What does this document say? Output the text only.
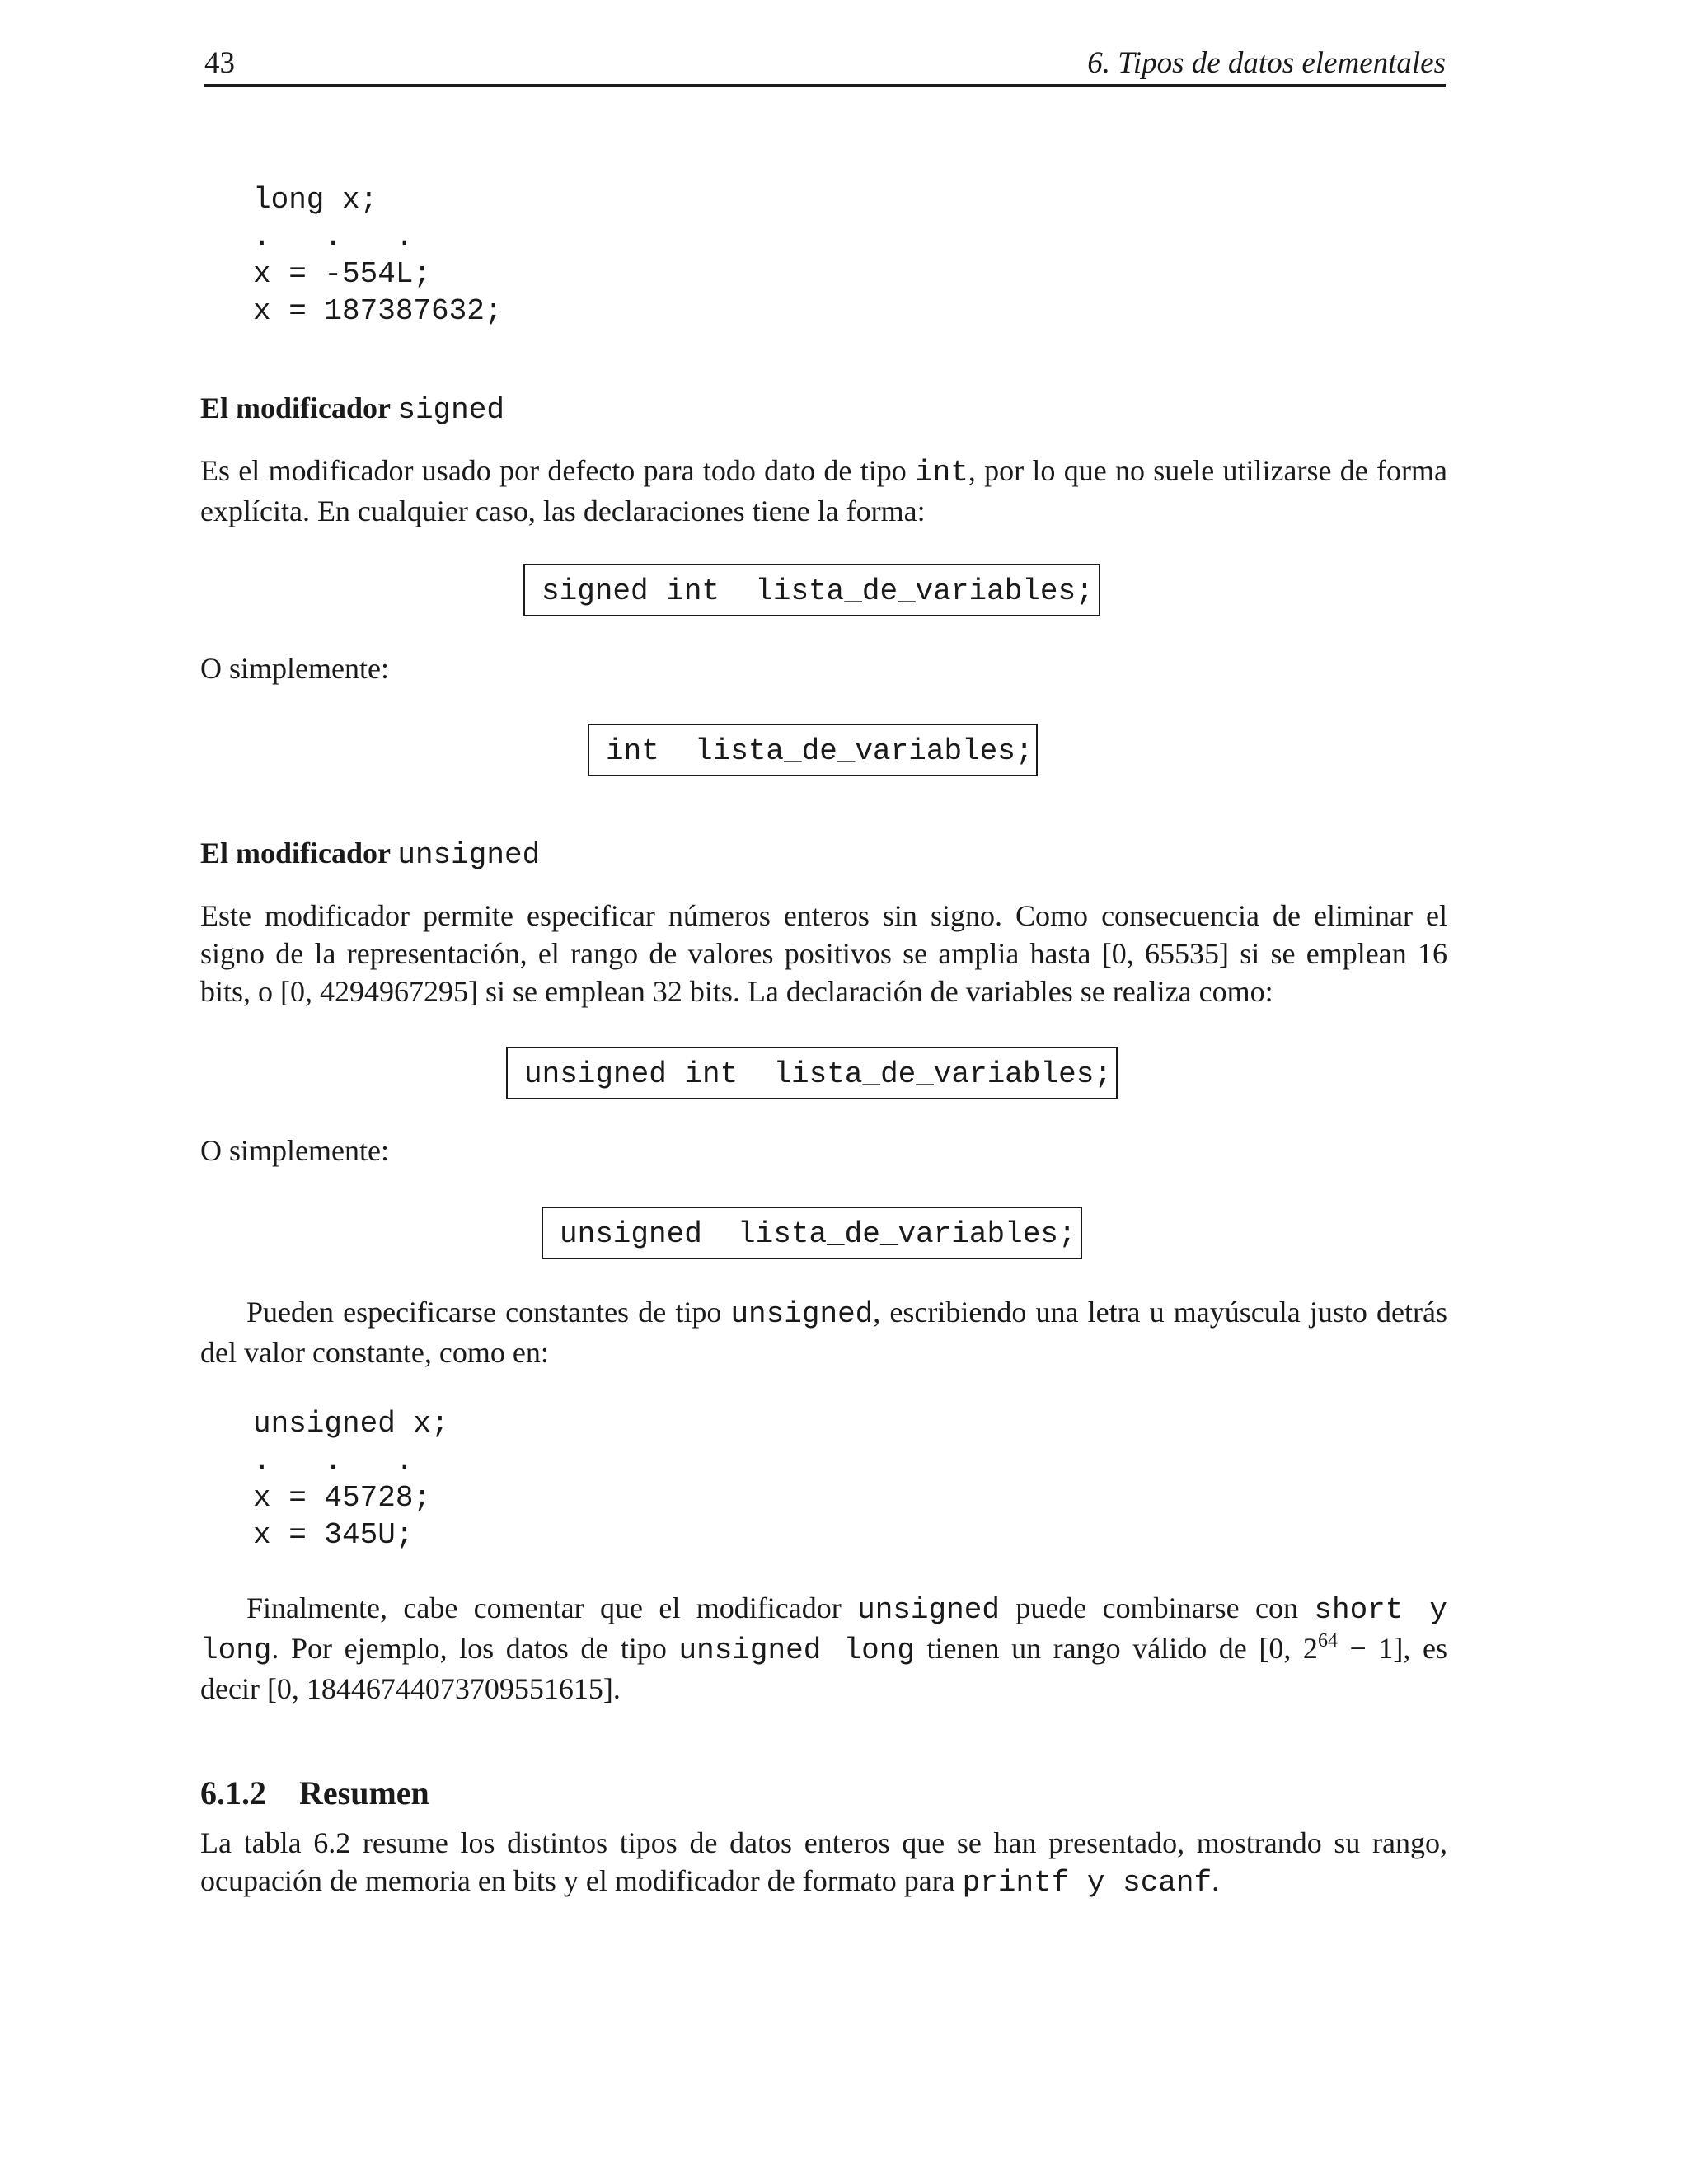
43	6. Tipos de datos elementales
long x;
.   .   .
x = -554L;
x = 187387632;
El modificador signed
Es el modificador usado por defecto para todo dato de tipo int, por lo que no suele utilizarse de forma
explícita. En cualquier caso, las declaraciones tiene la forma:
signed int  lista_de_variables;
O simplemente:
int  lista_de_variables;
El modificador unsigned
Este modificador permite especificar números enteros sin signo. Como consecuencia de eliminar el
signo de la representación, el rango de valores positivos se amplia hasta [0, 65535] si se emplean 16
bits, o [0, 4294967295] si se emplean 32 bits. La declaración de variables se realiza como:
unsigned int  lista_de_variables;
O simplemente:
unsigned  lista_de_variables;
Pueden especificarse constantes de tipo unsigned, escribiendo una letra u mayúscula justo detrás
del valor constante, como en:
unsigned x;
.   .   .
x = 45728;
x = 345U;
Finalmente, cabe comentar que el modificador unsigned puede combinarse con short y
long. Por ejemplo, los datos de tipo unsigned long tienen un rango válido de [0, $2^{64} - 1$], es
decir [0, 18446744073709551615].
6.1.2 Resumen
La tabla 6.2 resume los distintos tipos de datos enteros que se han presentado, mostrando su rango,
ocupación de memoria en bits y el modificador de formato para printf y scanf.
